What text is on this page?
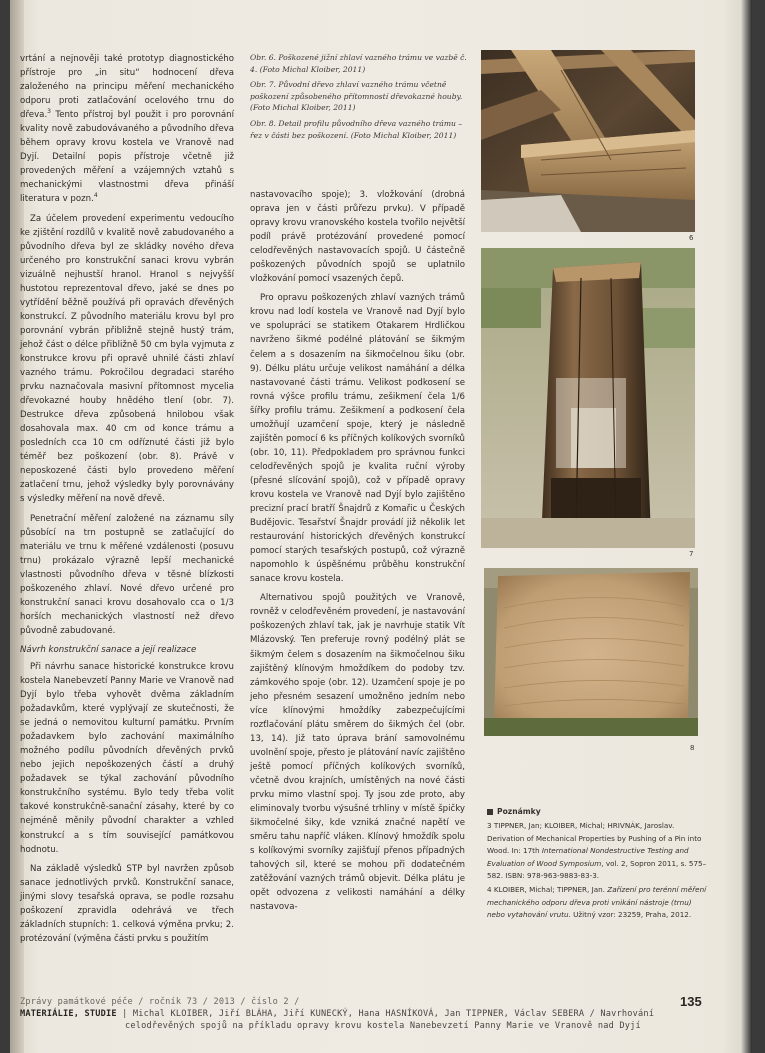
vrtání a nejnověji také prototyp diagnostického přístroje pro „in situ“ hodnocení dřeva založeného na principu měření mechanického odporu proti zatlačování ocelového trnu do dřeva.$^3$ Tento přístroj byl použit i pro porovnání kvality nově zabudovávaného a původního dřeva během opravy krovu kostela ve Vranově nad Dyjí. Detailní popis přístroje včetně již provedených měření a vzájemných vztahů s mechanickými vlastnostmi dřeva přináší literatura v pozn.$^4$

Za účelem provedení experimentu vedoucího ke zjištění rozdílů v kvalitě nově zabudovaného a původního dřeva byl ze skládky nového dřeva určeného pro konstrukční sanaci krovu vybrán vizuálně nejhustší hranol. Hranol s nejvyšší hustotou reprezentoval dřevo, jaké se dnes po vytřídění běžně používá při opravách dřevěných konstrukcí. Z původního materiálu krovu byl pro porovnání vybrán přibližně stejně hustý trám, jehož část o délce přibližně 50 cm byla vyjmuta z konstrukce krovu při opravě uhnilé části zhlaví vazného trámu. Pokročilou degradaci starého prvku naznačovala masivní přítomnost mycelia dřevokazné houby hnědého tlení (obr. 7). Destrukce dřeva způsobená hnilobou však dosahovala max. 40 cm od konce trámu a posledních cca 10 cm odříznuté části již bylo téměř bez poškození (obr. 8). Právě v neposkozené části bylo provedeno měření zatlačení trnu, jehož výsledky byly porovnávány s výsledky měření na nově dřevě.

Penetrační měření založené na záznamu síly působící na trn postupně se zatlačující do materiálu ve trnu k měřené vzdálenosti (posuvu trnu) prokázalo výrazně lepší mechanické vlastnosti původního dřeva v těsné blízkosti poškozeného zhlaví. Nové dřevo určené pro konstrukční sanaci krovu dosahovalo cca o 1/3 horších mechanických vlastností než dřevo původně zabudované.

Návrh konstrukční sanace a její realizace

Při návrhu sanace historické konstrukce krovu kostela Nanebevzetí Panny Marie ve Vranově nad Dyjí bylo třeba vyhovět dvěma základním požadavkům, které vyplývají ze skutečnosti, že se jedná o nemovitou kulturní památku. Prvním požadavkem bylo zachování maximálního možného podílu původních dřevěných prvků nebo jejich nepoškozených částí a druhý požadavek se týkal zachování původního konstrukčního systému. Bylo tedy třeba volit takové konstrukčně-sanační zásahy, které by co nejméně měnily původní charakter a vzhled konstrukcí a s tím související památkovou hodnotu.

Na základě výsledků STP byl navržen způsob sanace jednotlivých prvků. Konstrukční sanace, jinými slovy tesařská oprava, se podle rozsahu poškození zpravidla odehrává ve třech základních stupních: 1. celková výměna prvku; 2. protézování (výměna části prvku s použitím

Obr. 6. Poškozené jižní zhlaví vazného trámu ve vazbě č. 4. (Foto Michal Kloiber, 2011)
Obr. 7. Původní dřevo zhlaví vazného trámu včetně poškození způsobeného přítomností dřevokazné houby. (Foto Michal Kloiber, 2011)
Obr. 8. Detail profilu původního dřeva vazného trámu – řez v části bez poškození. (Foto Michal Kloiber, 2011)

nastavovacího spoje); 3. vložkování (drobná oprava jen v části průřezu prvku). V případě opravy krovu vranovského kostela tvořilo největší podíl právě protézování provedené pomocí celodřevěných nastavovacích spojů. U částečně poškozených původních spojů se uplatnilo vložkování pomocí vsazených čepů.

Pro opravu poškozených zhlaví vazných trámů krovu nad lodí kostela ve Vranově nad Dyjí bylo ve spolupráci se statikem Otakarem Hrdličkou navrženo šikmé podélné plátování se šikmým čelem a s dosazením na šikmočelnou šiku (obr. 9). Délku plátu určuje velikost namáhání a délka nastavované části trámu. Velikost podkosení se rovná výšce profilu trámu, zešikmení čela 1/6 šířky profilu trámu. Zešikmení a podkosení čela umožňují uzamčení spoje, který je následně zajištěn pomocí 6 ks příčných kolíkových svorníků (obr. 10, 11). Předpokladem pro správnou funkci celodřevěných spojů je kvalita ruční výroby (přesné slícování spojů), což v případě opravy krovu kostela ve Vranově nad Dyjí bylo zajištěno precizní prací bratří Šnajdrů z Komařic u Českých Budějovic. Tesařství Šnajdr provádí již několik let restaurování historických dřevěných konstrukcí pomocí starých tesařských postupů, což výrazně napomohlo k úspěšnému průběhu konstrukční sanace krovu kostela.

Alternativou spojů použitých ve Vranově, rovněž v celodřevěném provedení, je nastavování poškozených zhlaví tak, jak je navrhuje statik Vít Mlázovský. Ten preferuje rovný podélný plát se šikmým čelem s dosazením na šikmočelnou šiku zajištěný klínovým hmoždíkem do podoby tzv. zámkového spoje (obr. 12). Uzamčení spoje je po jeho přesném sesazení umožněno jedním nebo více klínovými hmoždíky zabezpečujícími rozťlačování plátu směrem do šikmých čel (obr. 13, 14). Již tato úprava brání samovolnému uvolnění spoje, přesto je plátování navíc zajištěno ještě pomocí příčných kolíkových svorníků, včetně dvou krajních, umístěných na nové části prvku mimo vlastní spoj. Ty jsou zde proto, aby eliminovaly tvorbu výsušné trhliny v místě špičky šikmočelné šiky, kde vzniká značné napětí ve směru tahu napříč vláken. Klínový hmoždík spolu s kolíkovými svorníky zajišťují přenos případných tahových sil, které se mohou při dodatečném zatěžování vazných trámů objevit. Délka plátu je opět odvozena z velikosti namáhání a délky nastavova-

6
7
8
Poznámky

3 TIPPNER, Jan; KLOIBER, Michal; HRIVNÁK, Jaroslav. Derivation of Mechanical Properties by Pushing of a Pin into Wood. In: 17th International Nondestructive Testing and Evaluation of Wood Symposium, vol. 2, Sopron 2011, s. 575–582. ISBN: 978-963-9883-83-3.

4 KLOIBER, Michal; TIPPNER, Jan. Zařízení pro terénní měření mechanického odporu dřeva proti vnikání nástroje (trnu) nebo vytahování vrutu. Užitný vzor: 23259, Praha, 2012.

Zprávy památkové péče / ročník 73 / 2013 / číslo 2 /
MATERIÁLIE, STUDIE | Michal KLOIBER, Jiří BLÁHA, Jiří KUNECKÝ, Hana HASNÍKOVÁ, Jan TIPPNER, Václav SEBERA / Navrhování
celodřevěných spojů na příkladu opravy krovu kostela Nanebevzetí Panny Marie ve Vranově nad Dyjí
135
